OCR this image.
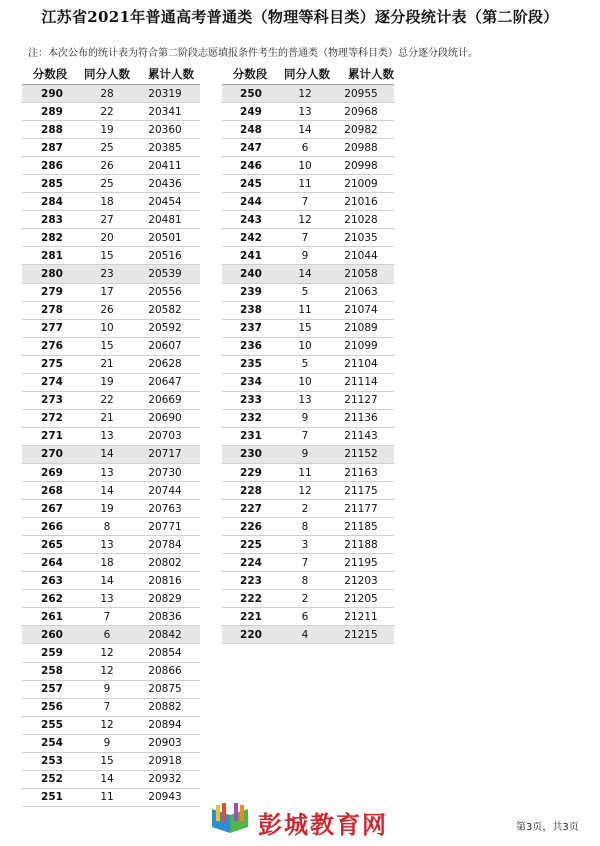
江苏省2021年普通高考普通类（物理等科目类）逐分段统计表（第二阶段）
注：本次公布的统计表为符合第二阶段志愿填报条件考生的普通类（物理等科目类）总分逐分段统计。
分数段	同分人数	累计人数	分数段	同分人数	累计人数
290	28	20319
289	22	20341
288	19	20360
287	25	20385
286	26	20411
285	25	20436
284	18	20454
283	27	20481
282	20	20501
281	15	20516
280	23	20539
279	17	20556
278	26	20582
277	10	20592
276	15	20607
275	21	20628
274	19	20647
273	22	20669
272	21	20690
271	13	20703
270	14	20717
269	13	20730
268	14	20744
267	19	20763
266	8	20771
265	13	20784
264	18	20802
263	14	20816
262	13	20829
261	7	20836
260	6	20842
259	12	20854
258	12	20866
257	9	20875
256	7	20882
255	12	20894
254	9	20903
253	15	20918
252	14	20932
251	11	20943
250	12	20955
249	13	20968
248	14	20982
247	6	20988
246	10	20998
245	11	21009
244	7	21016
243	12	21028
242	7	21035
241	9	21044
240	14	21058
239	5	21063
238	11	21074
237	15	21089
236	10	21099
235	5	21104
234	10	21114
233	13	21127
232	9	21136
231	7	21143
230	9	21152
229	11	21163
228	12	21175
227	2	21177
226	8	21185
225	3	21188
224	7	21195
223	8	21203
222	2	21205
221	6	21211
220	4	21215
彭城教育网	第3页，共3页
